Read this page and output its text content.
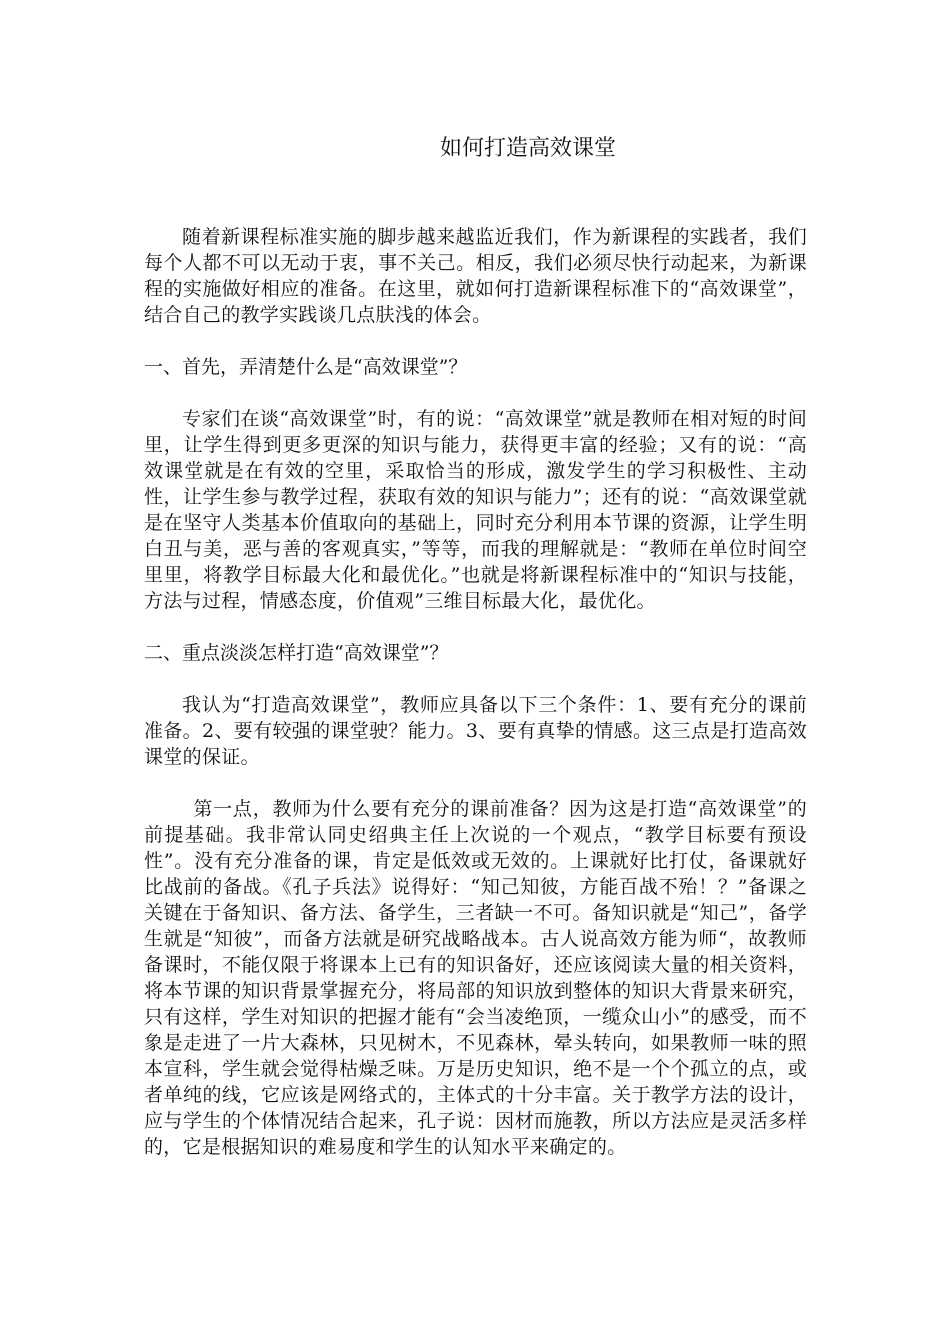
如何打造高效课堂

随着新课程标准实施的脚步越来越监近我们，作为新课程的实践者，我们每个人都不可以无动于衷，事不关己。相反，我们必须尽快行动起来，为新课程的实施做好相应的准备。在这里，就如何打造新课程标准下的“高效课堂”，结合自己的教学实践谈几点肤浅的体会。

一、首先，弄清楚什么是“高效课堂”？

专家们在谈“高效课堂”时，有的说：“高效课堂”就是教师在相对短的时间里，让学生得到更多更深的知识与能力，获得更丰富的经验；又有的说：“高效课堂就是在有效的空里，采取恰当的形成，激发学生的学习积极性、主动性，让学生参与教学过程，获取有效的知识与能力”；还有的说：“高效课堂就是在坚守人类基本价值取向的基础上，同时充分利用本节课的资源，让学生明白丑与美，恶与善的客观真实，”等等，而我的理解就是：“教师在单位时间空里里，将教学目标最大化和最优化。”也就是将新课程标准中的“知识与技能，方法与过程，情感态度，价值观”三维目标最大化，最优化。

二、重点淡淡怎样打造“高效课堂”？

我认为“打造高效课堂”，教师应具备以下三个条件：1、要有充分的课前准备。2、要有较强的课堂驶？能力。3、要有真挚的情感。这三点是打造高效课堂的保证。

第一点，教师为什么要有充分的课前准备？因为这是打造“高效课堂”的前提基础。我非常认同史绍典主任上次说的一个观点，“教学目标要有预设性”。没有充分准备的课，肯定是低效或无效的。上课就好比打仗，备课就好比战前的备战。《孔子兵法》说得好：“知己知彼，方能百战不殆！？”备课之关键在于备知识、备方法、备学生，三者缺一不可。备知识就是“知己”，备学生就是“知彼”，而备方法就是研究战略战本。古人说高效方能为师“，故教师备课时，不能仅限于将课本上已有的知识备好，还应该阅读大量的相关资料，将本节课的知识背景掌握充分，将局部的知识放到整体的知识大背景来研究，只有这样，学生对知识的把握才能有“会当凌绝顶，一缆众山小”的感受，而不象是走进了一片大森林，只见树木，不见森林，晕头转向，如果教师一味的照本宣科，学生就会觉得枯燥乏味。万是历史知识，绝不是一个个孤立的点，或者单纯的线，它应该是网络式的，主体式的十分丰富。关于教学方法的设计，应与学生的个体情况结合起来，孔子说：因材而施教，所以方法应是灵活多样的，它是根据知识的难易度和学生的认知水平来确定的。
